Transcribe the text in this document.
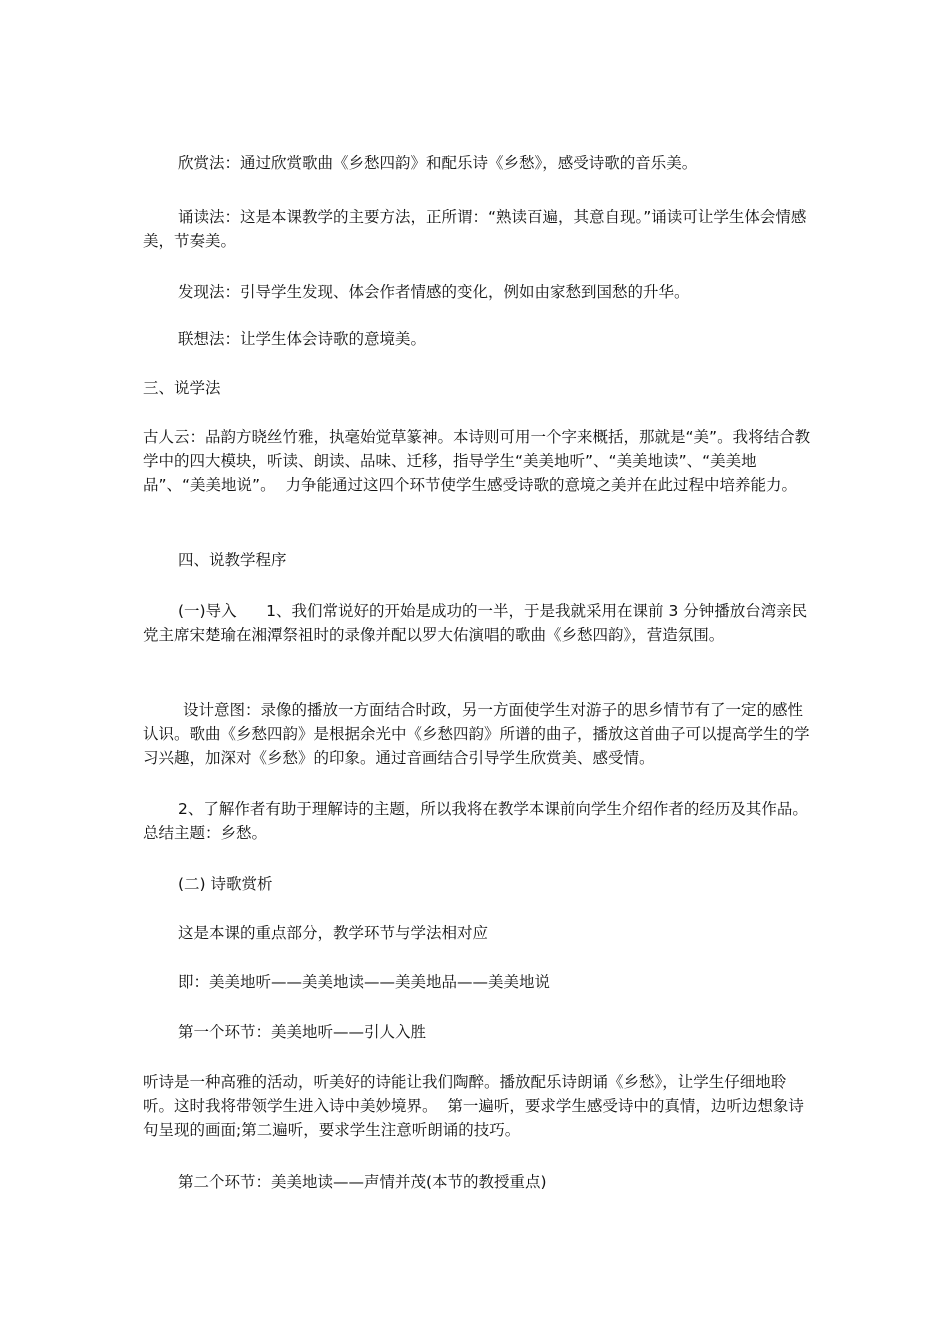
欣赏法：通过欣赏歌曲《乡愁四韵》和配乐诗《乡愁》，感受诗歌的音乐美。

诵读法：这是本课教学的主要方法，正所谓：“熟读百遍，其意自现。”诵读可让学生体会情感美，节奏美。

发现法：引导学生发现、体会作者情感的变化，例如由家愁到国愁的升华。

联想法：让学生体会诗歌的意境美。

三、说学法

古人云：品韵方晓丝竹雅，执毫始觉草篆神。本诗则可用一个字来概括，那就是“美”。我将结合教学中的四大模块，听读、朗读、品味、迁移，指导学生“美美地听”、“美美地读”、“美美地品”、“美美地说”。  力争能通过这四个环节使学生感受诗歌的意境之美并在此过程中培养能力。

四、说教学程序

(一)导入      1、我们常说好的开始是成功的一半，于是我就采用在课前 3 分钟播放台湾亲民党主席宋楚瑜在湘潭祭祖时的录像并配以罗大佑演唱的歌曲《乡愁四韵》，营造氛围。

设计意图：录像的播放一方面结合时政，另一方面使学生对游子的思乡情节有了一定的感性认识。歌曲《乡愁四韵》是根据余光中《乡愁四韵》所谱的曲子，播放这首曲子可以提高学生的学习兴趣，加深对《乡愁》的印象。通过音画结合引导学生欣赏美、感受情。

2、了解作者有助于理解诗的主题，所以我将在教学本课前向学生介绍作者的经历及其作品。总结主题：乡愁。

(二) 诗歌赏析

这是本课的重点部分，教学环节与学法相对应

即：美美地听——美美地读——美美地品——美美地说

第一个环节：美美地听——引人入胜

听诗是一种高雅的活动，听美好的诗能让我们陶醉。播放配乐诗朗诵《乡愁》，让学生仔细地聆听。这时我将带领学生进入诗中美妙境界。  第一遍听，要求学生感受诗中的真情，边听边想象诗句呈现的画面;第二遍听，要求学生注意听朗诵的技巧。

第二个环节：美美地读——声情并茂(本节的教授重点)
